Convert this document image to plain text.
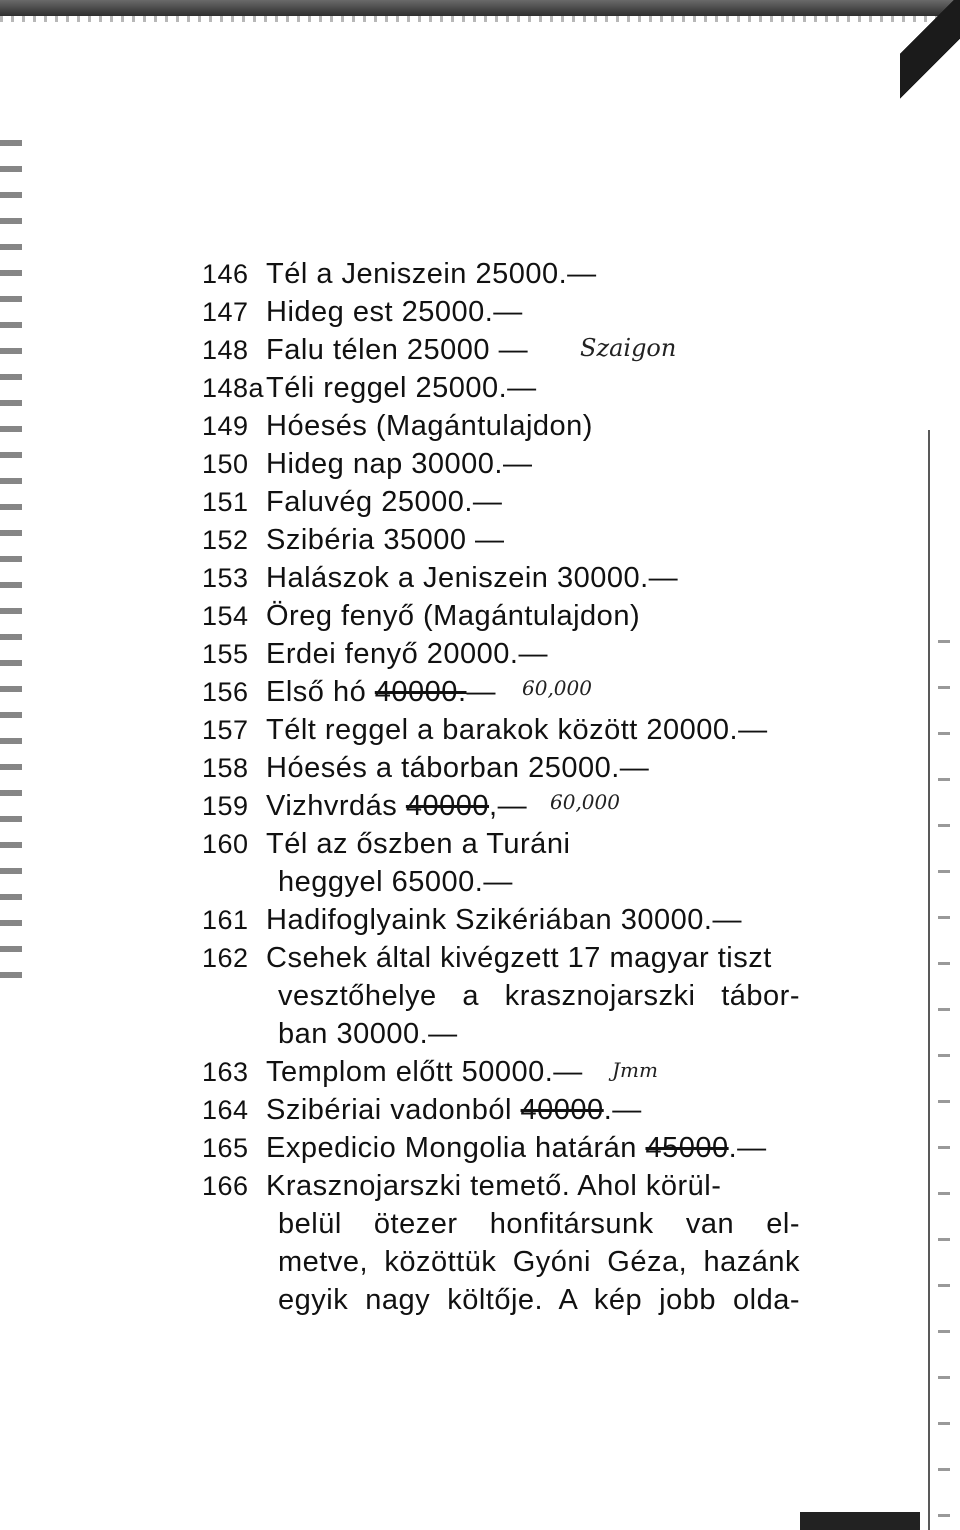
146 Tél a Jeniszein 25000.—
147 Hideg est 25000.—
148 Falu télen 25000 — Szaigon
148a Téli reggel 25000.—
149 Hóesés (Magántulajdon)
150 Hideg nap 30000.—
151 Faluvég 25000.—
152 Szibéria 35000 —
153 Halászok a Jeniszein 30000.—
154 Öreg fenyő (Magántulajdon)
155 Erdei fenyő 20000.—
156 Első hó 40000.— 60,000
157 Télt reggel a barakok között 20000.—
158 Hóesés a táborban 25000.—
159 Vizhvrdás 40000,— 60,000
160 Tél az őszben a Turáni
heggyel 65000.—
161 Hadifoglyaink Szikériában 30000.—
162 Csehek által kivégzett 17 magyar tiszt
vesztőhelye a krasznojarszki tábor-
ban 30000.—
163 Templom előtt 50000.— Jmm
164 Szibériai vadonból 40000.—
165 Expedicio Mongolia határán 45000.—
166 Krasznojarszki temető. Ahol körül-
belül ötezer honfitársunk van el-
metve, közöttük Gyóni Géza, hazánk
egyik nagy költője. A kép jobb olda-
